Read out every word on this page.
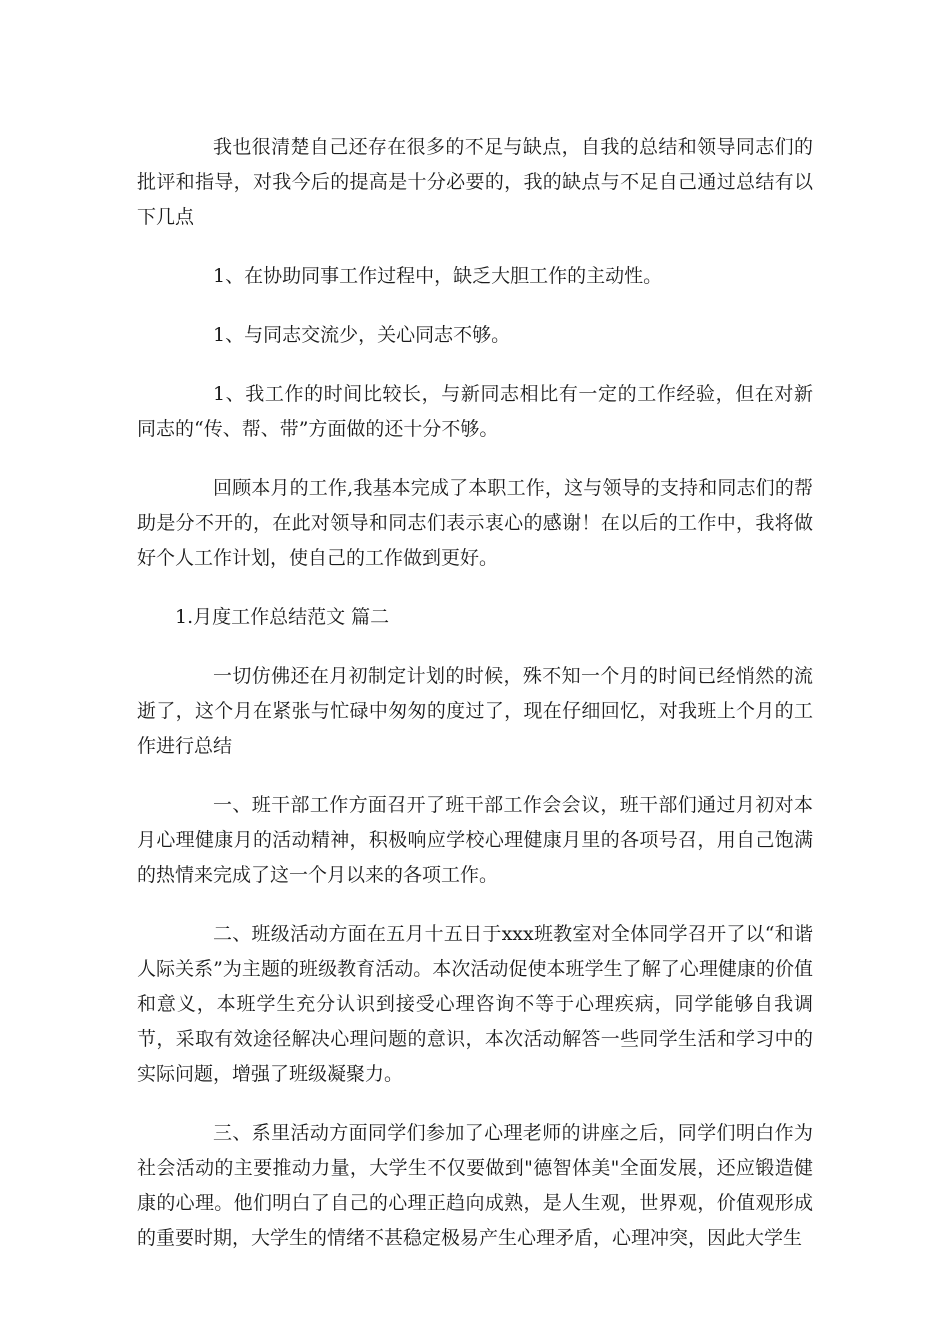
我也很清楚自己还存在很多的不足与缺点，自我的总结和领导同志们的批评和指导，对我今后的提高是十分必要的，我的缺点与不足自己通过总结有以下几点

1、在协助同事工作过程中，缺乏大胆工作的主动性。

1、与同志交流少，关心同志不够。

1、我工作的时间比较长，与新同志相比有一定的工作经验，但在对新同志的“传、帮、带”方面做的还十分不够。

回顾本月的工作,我基本完成了本职工作，这与领导的支持和同志们的帮助是分不开的，在此对领导和同志们表示衷心的感谢！在以后的工作中，我将做好个人工作计划，使自己的工作做到更好。

1.月度工作总结范文 篇二

一切仿佛还在月初制定计划的时候，殊不知一个月的时间已经悄然的流逝了，这个月在紧张与忙碌中匆匆的度过了，现在仔细回忆，对我班上个月的工作进行总结

一、班干部工作方面召开了班干部工作会会议，班干部们通过月初对本月心理健康月的活动精神，积极响应学校心理健康月里的各项号召，用自己饱满的热情来完成了这一个月以来的各项工作。

二、班级活动方面在五月十五日于xxx班教室对全体同学召开了以“和谐人际关系”为主题的班级教育活动。本次活动促使本班学生了解了心理健康的价值和意义，本班学生充分认识到接受心理咨询不等于心理疾病，同学能够自我调节，采取有效途径解决心理问题的意识，本次活动解答一些同学生活和学习中的实际问题，增强了班级凝聚力。

三、系里活动方面同学们参加了心理老师的讲座之后，同学们明白作为社会活动的主要推动力量，大学生不仅要做到"德智体美"全面发展，还应锻造健康的心理。他们明白了自己的心理正趋向成熟，是人生观，世界观，价值观形成的重要时期，大学生的情绪不甚稳定极易产生心理矛盾，心理冲突，因此大学生
